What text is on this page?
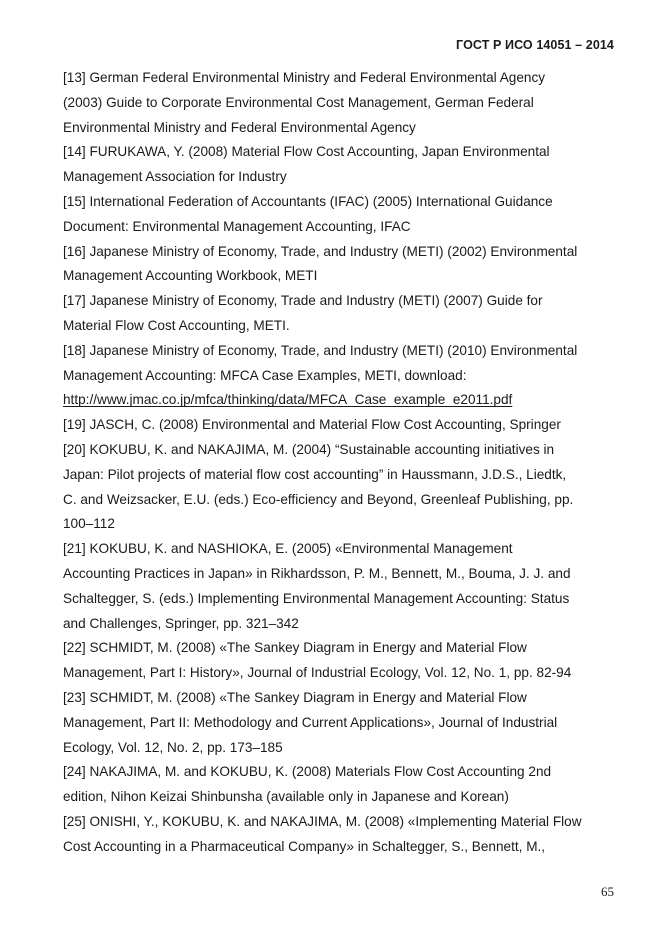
ГОСТ Р ИСО 14051 – 2014
[13] German Federal Environmental Ministry and Federal Environmental Agency
(2003) Guide to Corporate Environmental Cost Management, German Federal
Environmental Ministry and Federal Environmental Agency
[14] FURUKAWA, Y. (2008) Material Flow Cost Accounting, Japan Environmental
Management Association for Industry
[15] International Federation of Accountants (IFAC) (2005) International Guidance
Document: Environmental Management Accounting, IFAC
[16] Japanese Ministry of Economy, Trade, and Industry (METI) (2002) Environmental
Management Accounting Workbook, METI
[17] Japanese Ministry of Economy, Trade and Industry (METI) (2007) Guide for
Material Flow Cost Accounting, METI.
[18] Japanese Ministry of Economy, Trade, and Industry (METI) (2010) Environmental
Management Accounting: MFCA Case Examples, METI, download:
http://www.jmac.co.jp/mfca/thinking/data/MFCA_Case_example_e2011.pdf
[19] JASCH, C. (2008) Environmental and Material Flow Cost Accounting, Springer
[20] KOKUBU, K. and NAKAJIMA, M. (2004) “Sustainable accounting initiatives in
Japan: Pilot projects of material flow cost accounting” in Haussmann, J.D.S., Liedtk,
C. and Weizsacker, E.U. (eds.) Eco-efficiency and Beyond, Greenleaf Publishing, pp.
100–112
[21] KOKUBU, K. and NASHIOKA, E. (2005) «Environmental Management
Accounting Practices in Japan» in Rikhardsson, P. M., Bennett, M., Bouma, J. J. and
Schaltegger, S. (eds.) Implementing Environmental Management Accounting: Status
and Challenges, Springer, pp. 321–342
[22] SCHMIDT, M. (2008) «The Sankey Diagram in Energy and Material Flow
Management, Part I: History», Journal of Industrial Ecology, Vol. 12, No. 1, pp. 82-94
[23] SCHMIDT, M. (2008) «The Sankey Diagram in Energy and Material Flow
Management, Part II: Methodology and Current Applications», Journal of Industrial
Ecology, Vol. 12, No. 2, pp. 173–185
[24] NAKAJIMA, M. and KOKUBU, K. (2008) Materials Flow Cost Accounting 2nd
edition, Nihon Keizai Shinbunsha (available only in Japanese and Korean)
[25] ONISHI, Y., KOKUBU, K. and NAKAJIMA, M. (2008) «Implementing Material Flow
Cost Accounting in a Pharmaceutical Company» in Schaltegger, S., Bennett, M.,
65
